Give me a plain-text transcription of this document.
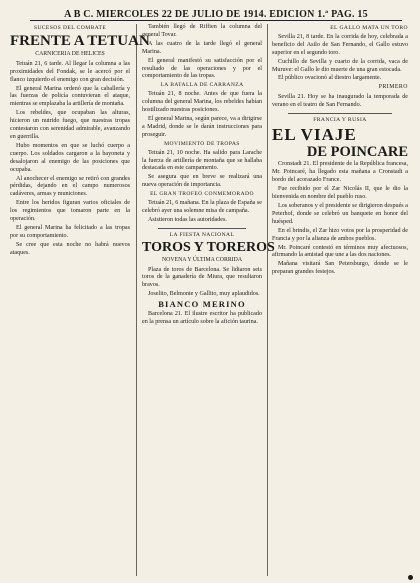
A B C. MIERCOLES 22 DE JULIO DE 1914. EDICION 1.ª PAG. 15
SUCESOS DEL COMBATE
FRENTE A TETUAN
CARNICERIA DE HELICES

Tetuán 21, 6 tarde. Al llegar la columna a las proximidades del Fondak, se le acercó por el flanco izquierdo el enemigo con gran decisión.

El general Marina ordenó que la caballería y las fuerzas de policía contuvieran el ataque, mientras se emplazaba la artillería de montaña.

Los rebeldes, que ocupaban las alturas, hicieron un nutrido fuego, que nuestras tropas contestaron con serenidad admirable, avanzando en guerrilla.

Hubo momentos en que se luchó cuerpo a cuerpo. Los soldados cargaron a la bayoneta y desalojaron al enemigo de las posiciones que ocupaba.

Al anochecer el enemigo se retiró con grandes pérdidas, dejando en el campo numerosos cadáveres, armas y municiones.

Entre los heridos figuran varios oficiales de los regimientos que tomaron parte en la operación.

El general Marina ha felicitado a las tropas por su comportamiento.

Se cree que esta noche no habrá nuevos ataques.

También llegó de Riffien la columna del general Tovar.

A las cuatro de la tarde llegó el general Marina.

El general manifestó su satisfacción por el resultado de las operaciones y por el comportamiento de las tropas.

LA BATALLA DE CARRANZA

Tetuán 21, 8 noche. Antes de que fuera la columna del general Marina, los rebeldes habían hostilizado nuestras posiciones.

El general Marina, según parece, va a dirigirse a Madrid, donde se le darán instrucciones para proseguir.

MOVIMIENTO DE TROPAS

Tetuán 21, 10 noche. Ha salido para Larache la fuerza de artillería de montaña que se hallaba destacada en este campamento.

Se asegura que en breve se realizará una nueva operación de importancia.

EL GRAN TROFEO CONMEMORADO

Tetuán 21, 6 mañana. En la plaza de España se celebró ayer una solemne misa de campaña.

Asistieron todas las autoridades.

LA FIESTA NACIONAL
TOROS Y TOREROS
NOVENA Y ÚLTIMA CORRIDA

Plaza de toros de Barcelona. Se lidiaron seis toros de la ganadería de Miura, que resultaron bravos.

Joselito, Belmonte y Gallito, muy aplaudidos.

BIANCO MERINO

Barcelona 21. El ilustre escritor ha publicado en la prensa un artículo sobre la afición taurina.

EL GALLO MATA UN TORO

Sevilla 21, 8 tarde. En la corrida de hoy, celebrada a beneficio del Asilo de San Fernando, el Gallo estuvo superior en el segundo toro.

Cuchillo de Sevilla y cuarto de la corrida, vaca de Muruve: el Gallo le dio muerte de una gran estocada.

El público ovacionó al diestro largamente.

PRIMERO

Sevilla 21. Hoy se ha inaugurado la temporada de verano en el teatro de San Fernando.

FRANCIA Y RUSIA
EL VIAJE
DE POINCARE

Cronstadt 21. El presidente de la República francesa, Mr. Poincaré, ha llegado esta mañana a Cronstadt a bordo del acorazado France.

Fue recibido por el Zar Nicolás II, que le dio la bienvenida en nombre del pueblo ruso.

Los soberanos y el presidente se dirigieron después a Peterhof, donde se celebró un banquete en honor del huésped.

En el brindis, el Zar hizo votos por la prosperidad de Francia y por la alianza de ambos pueblos.

Mr. Poincaré contestó en términos muy afectuosos, afirmando la amistad que une a las dos naciones.

Mañana visitará San Petersburgo, donde se le preparan grandes festejos.
